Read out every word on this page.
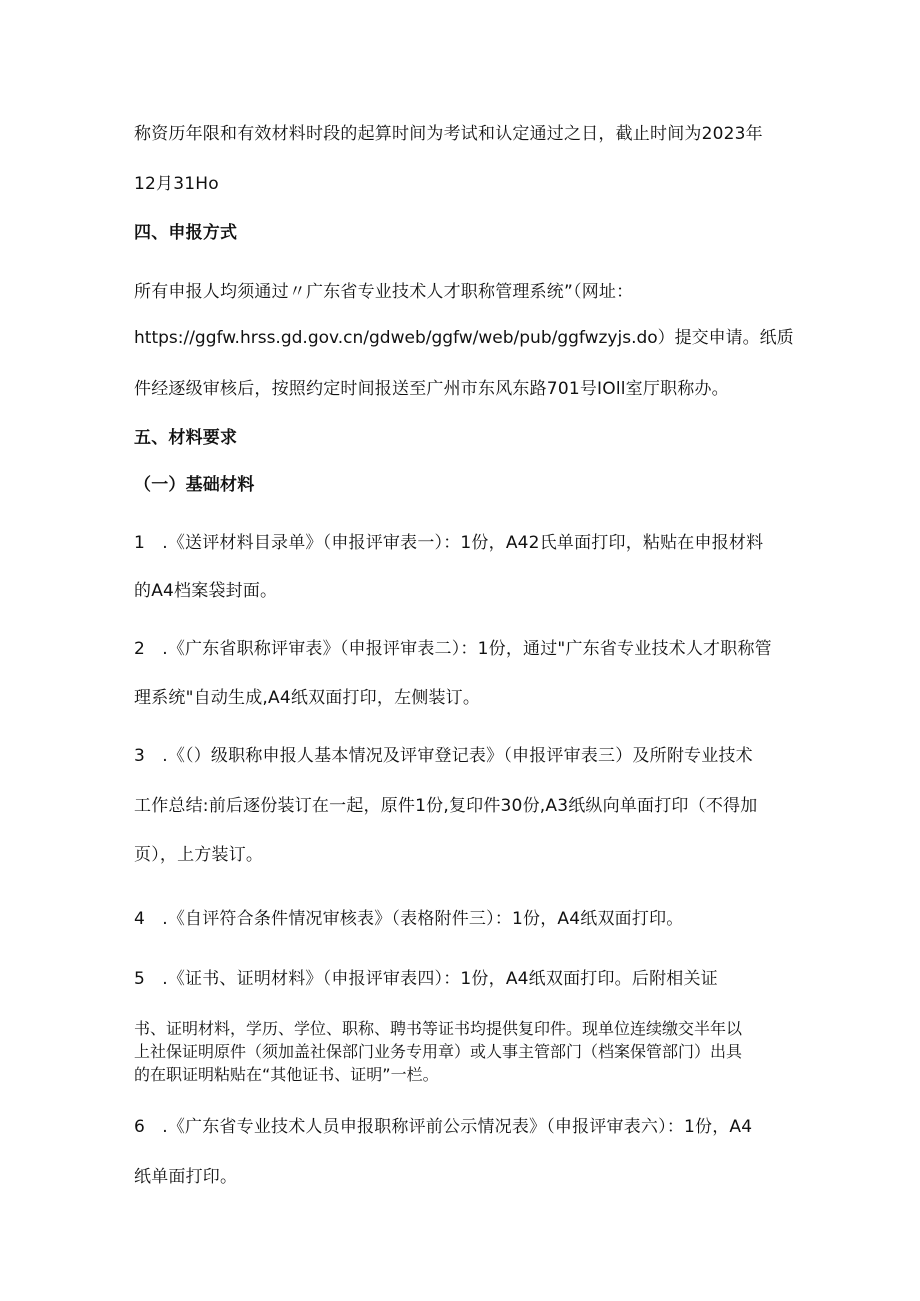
称资历年限和有效材料时段的起算时间为考试和认定通过之日，截止时间为2023年
12月31Ho
四、申报方式
所有申报人均须通过〃广东省专业技术人才职称管理系统”（网址：
https://ggfw.hrss.gd.gov.cn/gdweb/ggfw/web/pub/ggfwzyjs.do）提交申请。纸质
件经逐级审核后，按照约定时间报送至广州市东风东路701号IOll室厅职称办。
五、材料要求
（一）基础材料
1　.《送评材料目录单》（申报评审表一）：1份，A42氏单面打印，粘贴在申报材料
的A4档案袋封面。
2　.《广东省职称评审表》（申报评审表二）：1份，通过"广东省专业技术人才职称管
理系统"自动生成,A4纸双面打印，左侧装订。
3　.《（）级职称申报人基本情况及评审登记表》（申报评审表三）及所附专业技术
工作总结:前后逐份装订在一起，原件1份,复印件30份,A3纸纵向单面打印（不得加
页），上方装订。
4　.《自评符合条件情况审核表》（表格附件三）：1份，A4纸双面打印。
5　.《证书、证明材料》（申报评审表四）：1份，A4纸双面打印。后附相关证
书、证明材料，学历、学位、职称、聘书等证书均提供复印件。现单位连续缴交半年以
上社保证明原件（须加盖社保部门业务专用章）或人事主管部门（档案保管部门）出具
的在职证明粘贴在“其他证书、证明”一栏。
6　.《广东省专业技术人员申报职称评前公示情况表》（申报评审表六）：1份，A4
纸单面打印。
